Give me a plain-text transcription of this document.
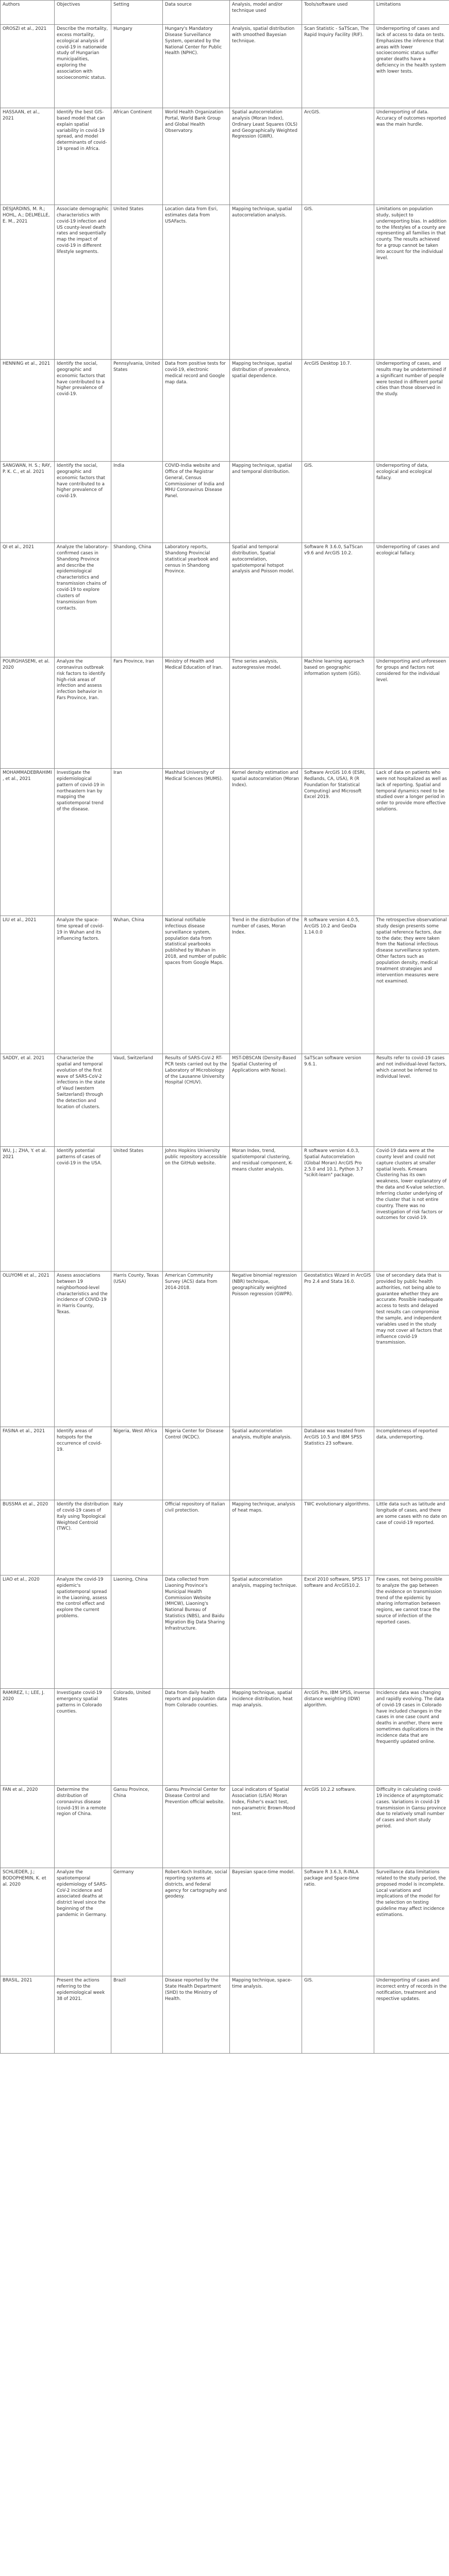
Authors	Objectives	Setting	Data source	Analysis, model and/or technique used	Tools/software used	Limitations
OROSZI et al., 2021	Describe the mortality, excess mortality, ecological analysis of covid-19 in nationwide study of Hungarian municipalities, exploring the association with socioeconomic status.	Hungary	Hungary's Mandatory Disease Surveillance System, operated by the National Center for Public Health (NPHC).	Analysis, spatial distribution with smoothed Bayesian technique.	Scan Statistic - SaTScan, The Rapid Inquiry Facility (RIF).	Underreporting of cases and lack of access to data on tests. Emphasizes the inference that areas with lower socioeconomic status suffer greater deaths have a deficiency in the health system with lower tests.
HASSAAN, et al., 2021	Identify the best GIS-based model that can explain spatial variability in covid-19 spread, and model determinants of covid-19 spread in Africa.	African Continent	World Health Organization Portal, World Bank Group and Global Health Observatory.	Spatial autocorrelation analysis (Moran Index), Ordinary Least Squares (OLS) and Geographically Weighted Regression (GWR).	ArcGIS.	Underreporting of data. Accuracy of outcomes reported was the main hurdle.
DESJARDINS, M. R.; HOHL, A.; DELMELLE, E. M., 2021	Associate demographic characteristics with covid-19 infection and US county-level death rates and sequentially map the impact of covid-19 in different lifestyle segments.	United States	Location data from Esri, estimates data from USAFacts.	Mapping technique, spatial autocorrelation analysis.	GIS.	Limitations on population study, subject to underreporting bias. In addition to the lifestyles of a county are representing all families in that county. The results achieved for a group cannot be taken into account for the individual level.
HENNING et al., 2021	Identify the social, geographic and economic factors that have contributed to a higher prevalence of covid-19.	Pennsylvania, United States	Data from positive tests for covid-19, electronic medical record and Google map data.	Mapping technique, spatial distribution of prevalence, spatial dependence.	ArcGIS Desktop 10.7.	Underreporting of cases, and results may be undetermined if a significant number of people were tested in different portal cities than those observed in the study.
SANGWAN, H. S.; RAY, P. K. C., et al. 2021	Identify the social, geographic and economic factors that have contributed to a higher prevalence of covid-19.	India	COVID-India website and Office of the Registrar General, Census Commissioner of India and MHU Coronavirus Disease Panel.	Mapping technique, spatial and temporal distribution.	GIS.	Underreporting of data, ecological and ecological fallacy.
QI et al., 2021	Analyze the laboratory-confirmed cases in Shandong Province and describe the epidemiological characteristics and transmission chains of covid-19 to explore clusters of transmission from contacts.	Shandong, China	Laboratory reports, Shandong Provincial statistical yearbook and census in Shandong Province.	Spatial and temporal distribution, Spatial autocorrelation, spatiotemporal hotspot analysis and Poisson model.	Software R 3.6.0, SaTScan v9.6 and ArcGIS 10.2.	Underreporting of cases and ecological fallacy.
POURGHASEMI, et al. 2020	Analyze the coronavirus outbreak risk factors to identify high-risk areas of infection and assess infection behavior in Fars Province, Iran.	Fars Province, Iran	Ministry of Health and Medical Education of Iran.	Time series analysis, autoregressive model.	Machine learning approach based on geographic information system (GIS).	Underreporting and unforeseen for groups and factors not considered for the individual level.
MOHAMMADEBRAHIMI, et al., 2021	Investigate the epidemiological pattern of covid-19 in northeastern Iran by mapping the spatiotemporal trend of the disease.	Iran	Mashhad University of Medical Sciences (MUMS).	Kernel density estimation and spatial autocorrelation (Moran Index).	Software ArcGIS 10.6 (ESRI, Redlands, CA, USA), R (R Foundation for Statistical Computing) and Microsoft Excel 2019.	Lack of data on patients who were not hospitalized as well as lack of reporting. Spatial and temporal dynamics need to be studied over a longer period in order to provide more effective solutions.
LIU et al., 2021	Analyze the space-time spread of covid-19 in Wuhan and its influencing factors.	Wuhan, China	National notifiable infectious disease surveillance system, population data from statistical yearbooks published by Wuhan in 2018, and number of public spaces from Google Maps.	Trend in the distribution of the number of cases, Moran Index.	R software version 4.0.5, ArcGIS 10.2 and GeoDa 1.14.0.0	The retrospective observational study design presents some spatial reference factors, due to the date; they were taken from the National infectious disease surveillance system. Other factors such as population density, medical treatment strategies and intervention measures were not examined.
SADDY, et al. 2021	Characterize the spatial and temporal evolution of the first wave of SARS-CoV-2 infections in the state of Vaud (western Switzerland) through the detection and location of clusters.	Vaud, Switzerland	Results of SARS-CoV-2 RT-PCR tests carried out by the Laboratory of Microbiology of the Lausanne University Hospital (CHUV).	MST-DBSCAN (Density-Based Spatial Clustering of Applications with Noise).	SaTScan software version 9.6.1.	Results refer to covid-19 cases and not individual-level factors, which cannot be inferred to individual level.
WU, J.; ZHA, Y. et al. 2021	Identify potential patterns of cases of covid-19 in the USA.	United States	Johns Hopkins University public repository accessible on the GitHub website.	Moran Index, trend, spatiotemporal clustering, and residual component, K-means cluster analysis.	R software version 4.0.3, Spatial Autocorrelation (Global Moran) ArcGIS Pro 2.5.0 and 10.1, Python 3.7 "scikit-learn" package.	Covid-19 data were at the county level and could not capture clusters at smaller spatial levels. K-means Clustering has its own weakness, lower explanatory of the data and K-value selection. Inferring cluster underlying of the cluster that is not entire country. There was no investigation of risk factors or outcomes for covid-19.
OLUYOMI et al., 2021	Assess associations between 19 neighborhood-level characteristics and the incidence of COVID-19 in Harris County, Texas.	Harris County, Texas (USA)	American Community Survey (ACS) data from 2014-2018.	Negative binomial regression (NBR) technique, geographically weighted Poisson regression (GWPR).	Geostatistics Wizard in ArcGIS Pro 2.4 and Stata 16.0.	Use of secondary data that is provided by public health authorities, not being able to guarantee whether they are accurate. Possible inadequate access to tests and delayed test results can compromise the sample, and independent variables used in the study may not cover all factors that influence covid-19 transmission.
FASINA et al., 2021	Identify areas of hotspots for the occurrence of covid-19.	Nigeria, West Africa	Nigeria Center for Disease Control (NCDC).	Spatial autocorrelation analysis, multiple analysis.	Database was treated from ArcGIS 10.5 and IBM SPSS Statistics 23 software.	Incompleteness of reported data, underreporting.
BUSSMA et al., 2020	Identify the distribution of covid-19 cases of Italy using Topological Weighted Centroid (TWC).	Italy	Official repository of Italian civil protection.	Mapping technique, analysis of heat maps.	TWC evolutionary algorithms.	Little data such as latitude and longitude of cases, and there are some cases with no date on case of covid-19 reported.
LIAO et al., 2020	Analyze the covid-19 epidemic's spatiotemporal spread in the Liaoning, assess the control effect and explore the current problems.	Liaoning, China	Data collected from Liaoning Province's Municipal Health Commission Website (MHCW), Liaoning's National Bureau of Statistics (NBS), and Baidu Migration Big Data Sharing Infrastructure.	Spatial autocorrelation analysis, mapping technique.	Excel 2010 software, SPSS 17 software and ArcGIS10.2.	Few cases, not being possible to analyze the gap between the evidence on transmission trend of the epidemic by sharing information between regions, we cannot trace the source of infection of the reported cases.
RAMIREZ, I.; LEE, J. 2020	Investigate covid-19 emergency spatial patterns in Colorado counties.	Colorado, United States	Data from daily health reports and population data from Colorado counties.	Mapping technique, spatial incidence distribution, heat map analysis.	ArcGIS Pro, IBM SPSS, inverse distance weighting (IDW) algorithm.	Incidence data was changing and rapidly evolving. The data of covid-19 cases in Colorado have included changes in the cases in one case count and deaths in another, there were sometimes duplications in the incidence data that are frequently updated online.
FAN et al., 2020	Determine the distribution of coronavirus disease (covid-19) in a remote region of China.	Gansu Province, China	Gansu Provincial Center for Disease Control and Prevention official website.	Local indicators of Spatial Association (LISA) Moran Index, Fisher's exact test, non-parametric Brown-Mood test.	ArcGIS 10.2.2 software.	Difficulty in calculating covid-19 incidence of asymptomatic cases. Variations in covid-19 transmission in Gansu province due to relatively small number of cases and short study period.
SCHLIEDER, J.; BODOPHEMIN, K. et al. 2020	Analyze the spatiotemporal epidemiology of SARS-CoV-2 incidence and associated deaths at district level since the beginning of the pandemic in Germany.	Germany	Robert-Koch Institute, social reporting systems at districts, and federal agency for cartography and geodesy.	Bayesian space-time model.	Software R 3.6.3, R-INLA package and Space-time ratio.	Surveillance data limitations related to the study period, the proposed model is incomplete. Local variations and implications of the model for the selection on testing guideline may affect incidence estimations.
BRASIL, 2021	Present the actions referring to the epidemiological week 38 of 2021.	Brazil	Disease reported by the State Health Department (SHD) to the Ministry of Health.	Mapping technique, space-time analysis.	GIS.	Underreporting of cases and incorrect entry of records in the notification, treatment and respective updates.
